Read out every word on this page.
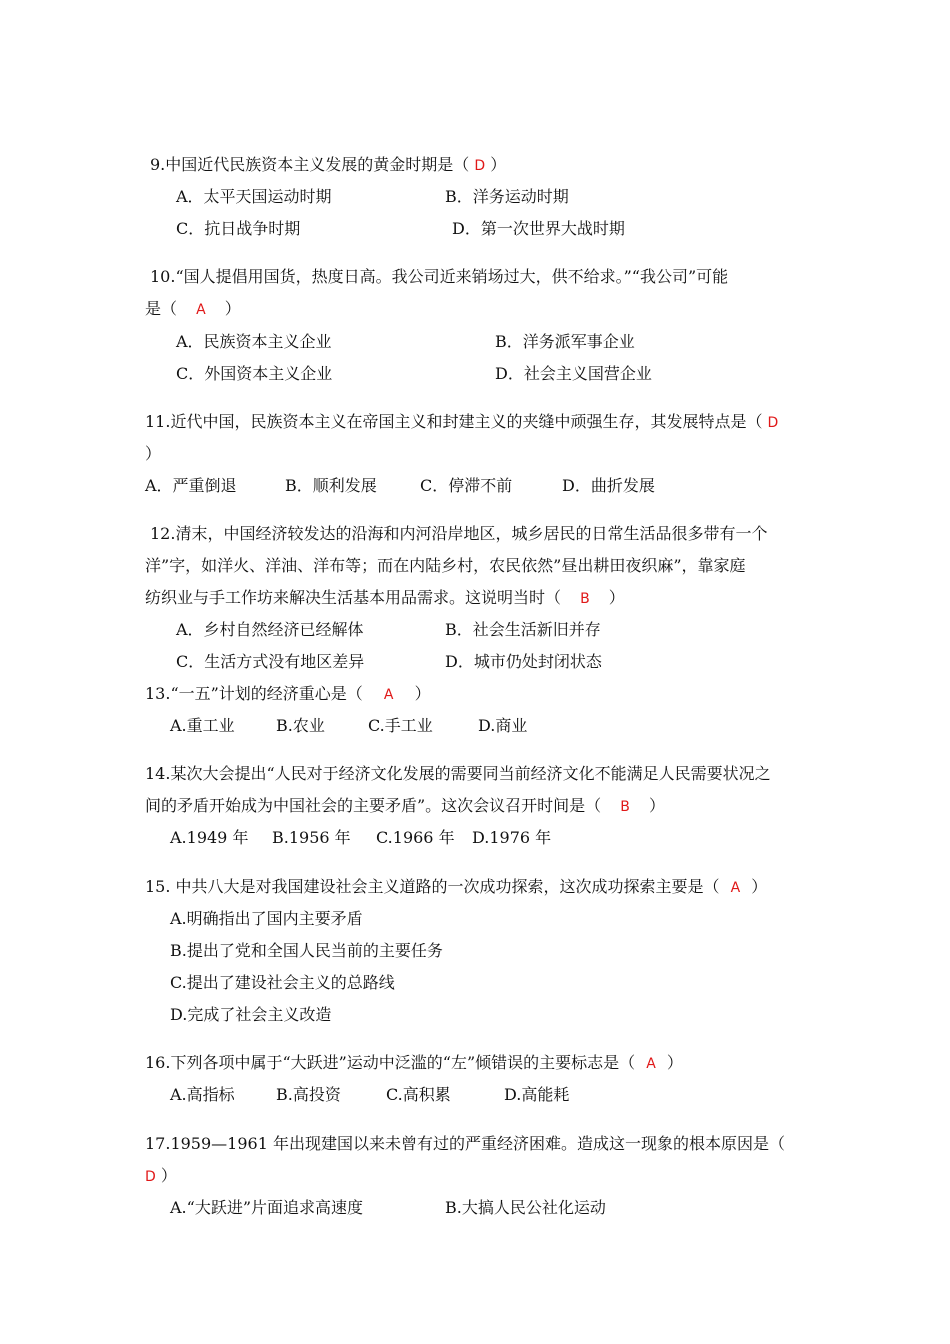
9.中国近代民族资本主义发展的黄金时期是（ D ）
A．太平天国运动时期	B．洋务运动时期
C．抗日战争时期	D．第一次世界大战时期
10.“国人提倡用国货，热度日高。我公司近来销场过大，供不给求。”“我公司”可能
是（ A ）
A．民族资本主义企业	B．洋务派军事企业
C．外国资本主义企业	D．社会主义国营企业
11.近代中国，民族资本主义在帝国主义和封建主义的夹缝中顽强生存，其发展特点是（ D
）
A．严重倒退	B．顺利发展	C．停滞不前	D．曲折发展
12.清末，中国经济较发达的沿海和内河沿岸地区，城乡居民的日常生活品很多带有一个
洋”字，如洋火、洋油、洋布等；而在内陆乡村，农民依然”昼出耕田夜织麻”，靠家庭
纺织业与手工作坊来解决生活基本用品需求。这说明当时（ B ）
A．乡村自然经济已经解体	B．社会生活新旧并存
C．生活方式没有地区差异	D．城市仍处封闭状态
13.“一五”计划的经济重心是（ A ）
A.重工业	B.农业	C.手工业	D.商业
14.某次大会提出“人民对于经济文化发展的需要同当前经济文化不能满足人民需要状况之
间的矛盾开始成为中国社会的主要矛盾”。这次会议召开时间是（ B ）
A.1949 年 B.1956 年 C.1966 年 D.1976 年
15. 中共八大是对我国建设社会主义道路的一次成功探索，这次成功探索主要是（ A ）
A.明确指出了国内主要矛盾
B.提出了党和全国人民当前的主要任务
C.提出了建设社会主义的总路线
D.完成了社会主义改造
16.下列各项中属于“大跃进”运动中泛滥的“左”倾错误的主要标志是（ A ）
A.高指标	B.高投资	C.高积累	D.高能耗
17.1959—1961 年出现建国以来未曾有过的严重经济困难。造成这一现象的根本原因是（
D ）
A.“大跃进”片面追求高速度	B.大搞人民公社化运动
